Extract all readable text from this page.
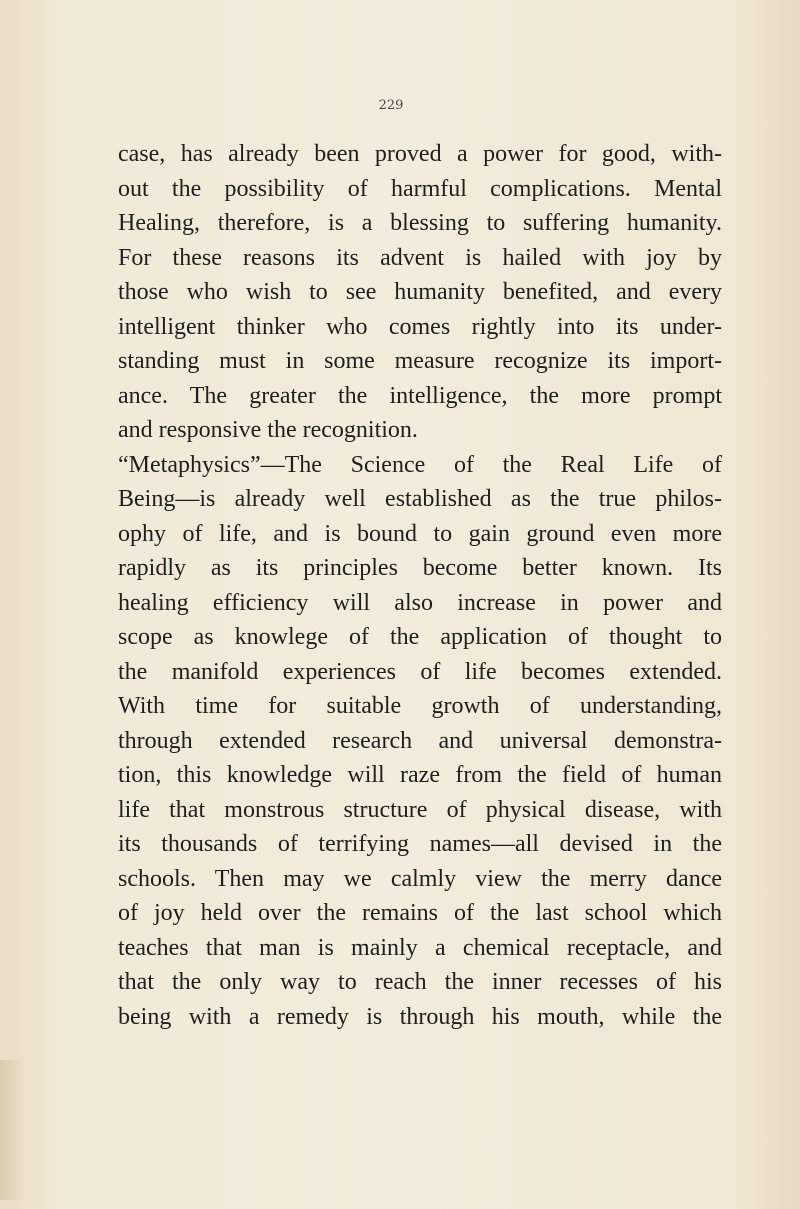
229
case, has already been proved a power for good, with-
out the possibility of harmful complications. Mental
Healing, therefore, is a blessing to suffering humanity.
For these reasons its advent is hailed with joy by
those who wish to see humanity benefited, and every
intelligent thinker who comes rightly into its under-
standing must in some measure recognize its import-
ance. The greater the intelligence, the more prompt
and responsive the recognition.
“Metaphysics”—The Science of the Real Life of
Being—is already well established as the true philos-
ophy of life, and is bound to gain ground even more
rapidly as its principles become better known. Its
healing efficiency will also increase in power and
scope as knowlege of the application of thought to
the manifold experiences of life becomes extended.
With time for suitable growth of understanding,
through extended research and universal demonstra-
tion, this knowledge will raze from the field of human
life that monstrous structure of physical disease, with
its thousands of terrifying names—all devised in the
schools. Then may we calmly view the merry dance
of joy held over the remains of the last school which
teaches that man is mainly a chemical receptacle, and
that the only way to reach the inner recesses of his
being with a remedy is through his mouth, while the
